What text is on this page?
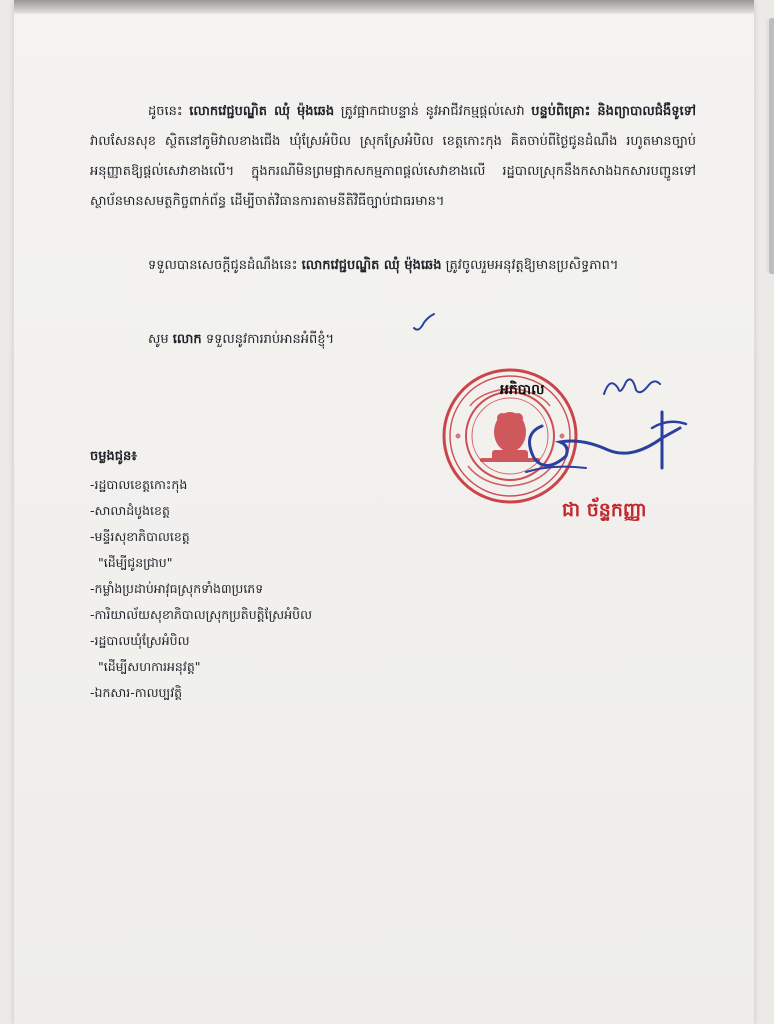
ដូចនេះ លោកវេជ្ជបណ្ឌិត ឈុំ ម៉ុងឆេង ត្រូវផ្អាកជាបន្ទាន់ នូវអាជីវកម្មផ្ដល់សេវា បន្ទប់ពិគ្រោះ និងព្យាបាលជំងឺទូទៅ វាលសែនសុខ ស្ថិតនៅភូមិវាលខាងជើង ឃុំស្រែអំបិល ស្រុកស្រែអំបិល ខេត្តកោះកុង គិតចាប់ពីថ្ងៃជូនដំណឹង រហូតមានច្បាប់អនុញ្ញាតឱ្យផ្ដល់សេវាខាងលើ។ ក្នុងករណីមិនព្រមផ្អាកសកម្មភាពផ្ដល់សេវាខាងលើ រដ្ឋបាលស្រុកនឹងកសាងឯកសារបញ្ជូនទៅស្ថាប័នមានសមត្ថកិច្ចពាក់ព័ន្ធ ដើម្បីចាត់វិធានការតាមនីតិវិធីច្បាប់ជាធរមាន។

ទទួលបានសេចក្ដីជូនដំណឹងនេះ លោកវេជ្ជបណ្ឌិត ឈុំ ម៉ុងឆេង ត្រូវចូលរួមអនុវត្តឱ្យមានប្រសិទ្ធភាព។

សូម លោក ទទួលនូវការរាប់អានអំពីខ្ញុំ។

អភិបាល
ជា ច័ន្ទកញ្ញា
ចម្លងជូន៖
-រដ្ឋបាលខេត្តកោះកុង
-សាលាដំបូងខេត្ត
-មន្ទីរសុខាភិបាលខេត្ត
"ដើម្បីជូនជ្រាប"
-កម្លាំងប្រដាប់អាវុធស្រុកទាំង៣ប្រភេទ
-ការិយាល័យសុខាភិបាលស្រុកប្រតិបត្តិស្រែអំបិល
-រដ្ឋបាលឃុំស្រែអំបិល
"ដើម្បីសហការអនុវត្ត"
-ឯកសារ-កាលប្បវត្តិ
